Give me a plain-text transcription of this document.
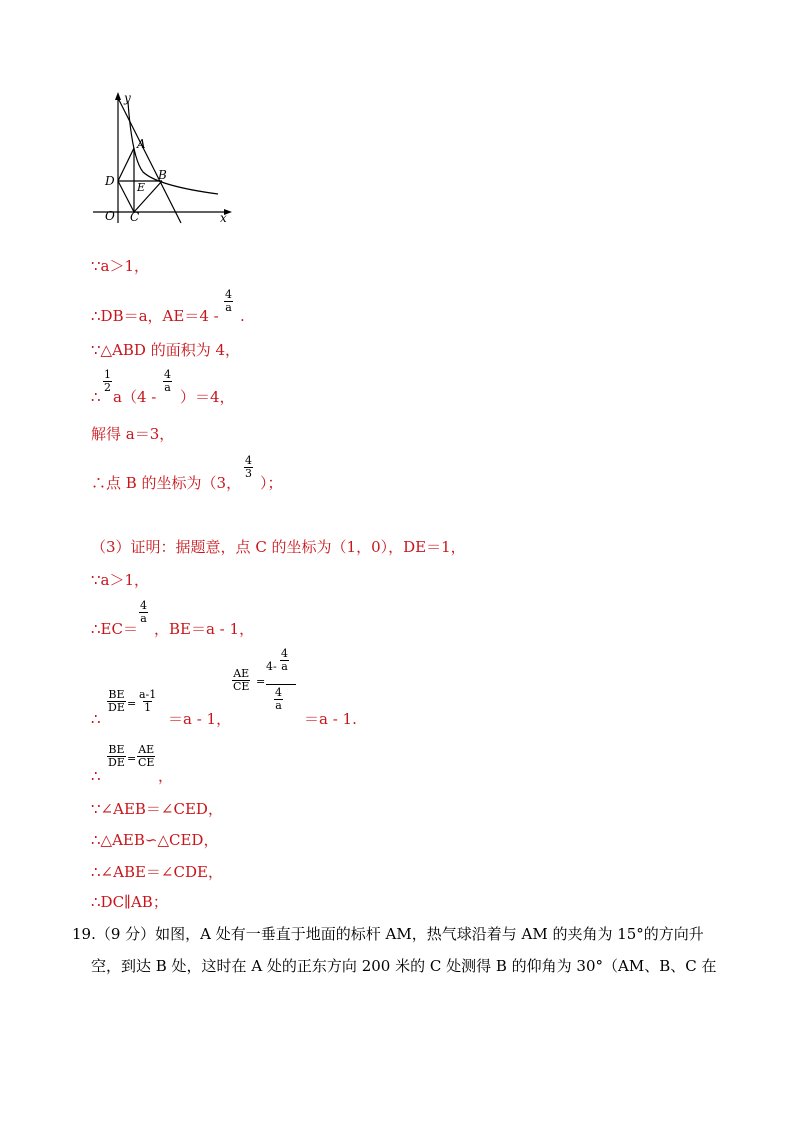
y
A
B
D E
O C	x
∵a＞1，
∴DB＝a，AE＝4 -
$\frac{4}{a}$
.
∵△ABD 的面积为 4，
$\frac{1}{2}$
∴ a（4 -
$\frac{4}{a}$
）＝4，
解得 a＝3，
∴点 B 的坐标为（3，
$\frac{4}{3}$
）；
（3）证明：据题意，点 C 的坐标为（1，0），DE＝1，
∵a＞1，
∴EC＝
$\frac{4}{a}$
，BE＝a - 1，
∴
$\frac{BE}{DE} = \frac{a-1}{1}$
＝a - 1，
$\frac{AE}{CE}$ =
$4- \frac{4}{a}$
$\frac{4}{a}$
＝a - 1.
∴
$\frac{BE}{DE} = \frac{AE}{CE}$
，
∵∠AEB＝∠CED，
∴△AEB∽△CED，
∴∠ABE＝∠CDE，
∴DC∥AB；
19.（9 分）如图，A 处有一垂直于地面的标杆 AM，热气球沿着与 AM 的夹角为 15°的方向升
空，到达 B 处，这时在 A 处的正东方向 200 米的 C 处测得 B 的仰角为 30°（AM、B、C 在
